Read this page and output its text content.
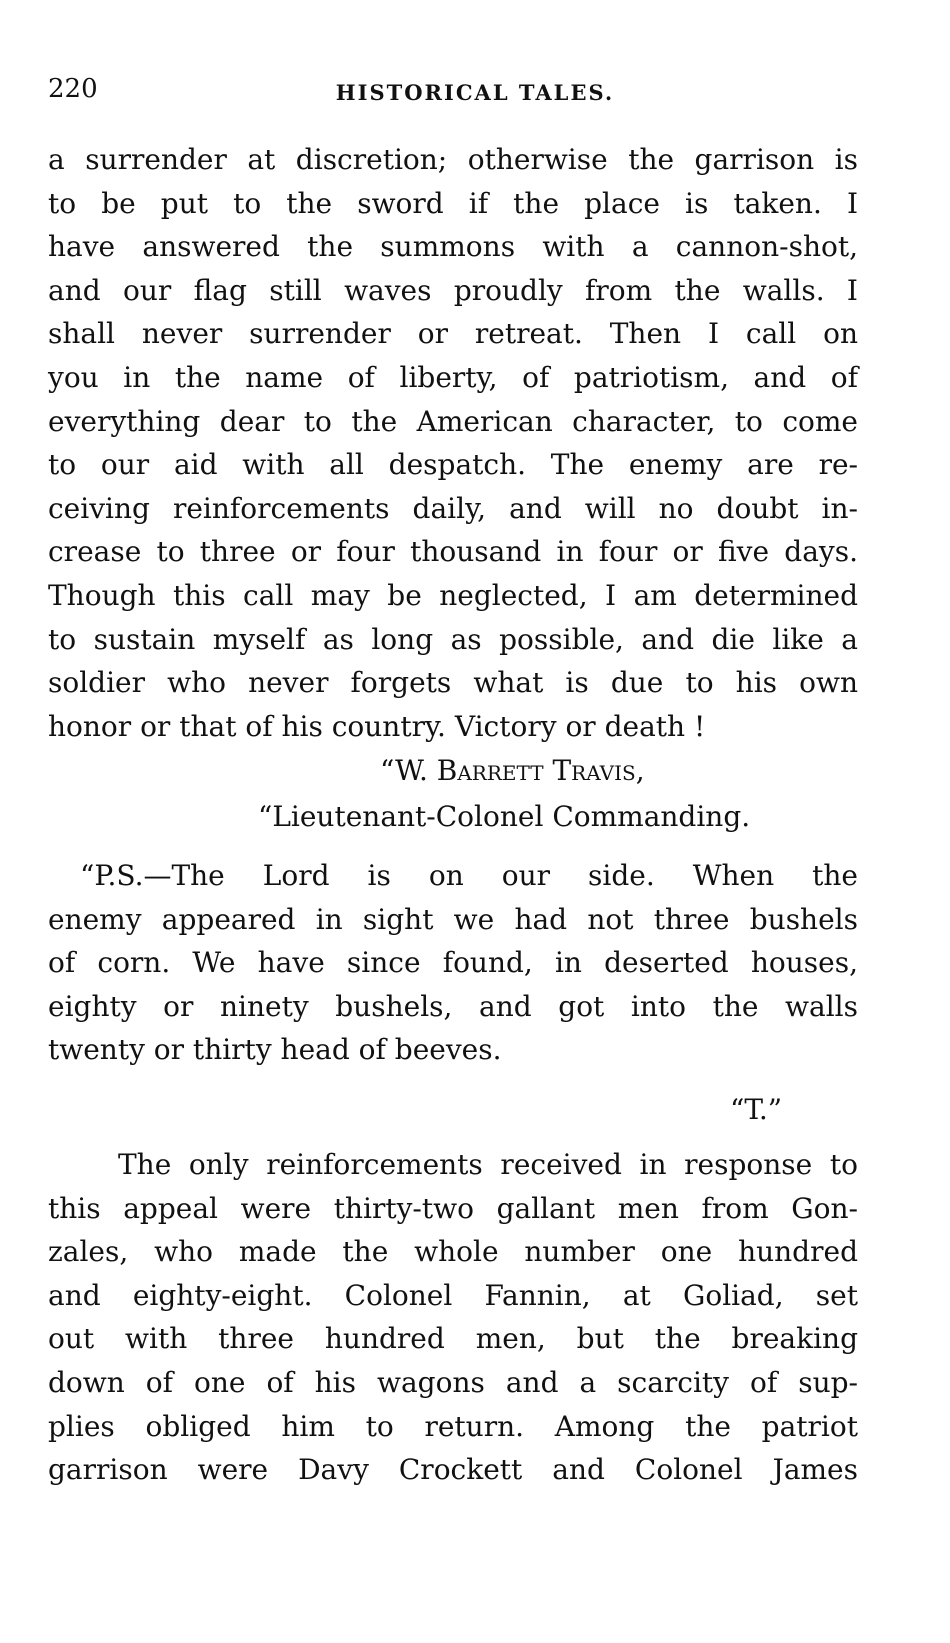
220	HISTORICAL TALES.
a surrender at discretion; otherwise the garrison is
to be put to the sword if the place is taken. I
have answered the summons with a cannon-shot,
and our flag still waves proudly from the walls. I
shall never surrender or retreat. Then I call on
you in the name of liberty, of patriotism, and of
everything dear to the American character, to come
to our aid with all despatch. The enemy are re-
ceiving reinforcements daily, and will no doubt in-
crease to three or four thousand in four or five days.
Though this call may be neglected, I am determined
to sustain myself as long as possible, and die like a
soldier who never forgets what is due to his own
honor or that of his country. Victory or death !
“W. Barrett Travis,
“Lieutenant-Colonel Commanding.
“P.S.—The Lord is on our side. When the
enemy appeared in sight we had not three bushels
of corn. We have since found, in deserted houses,
eighty or ninety bushels, and got into the walls
twenty or thirty head of beeves.
“T.”
The only reinforcements received in response to
this appeal were thirty-two gallant men from Gon-
zales, who made the whole number one hundred
and eighty-eight. Colonel Fannin, at Goliad, set
out with three hundred men, but the breaking
down of one of his wagons and a scarcity of sup-
plies obliged him to return. Among the patriot
garrison were Davy Crockett and Colonel James
